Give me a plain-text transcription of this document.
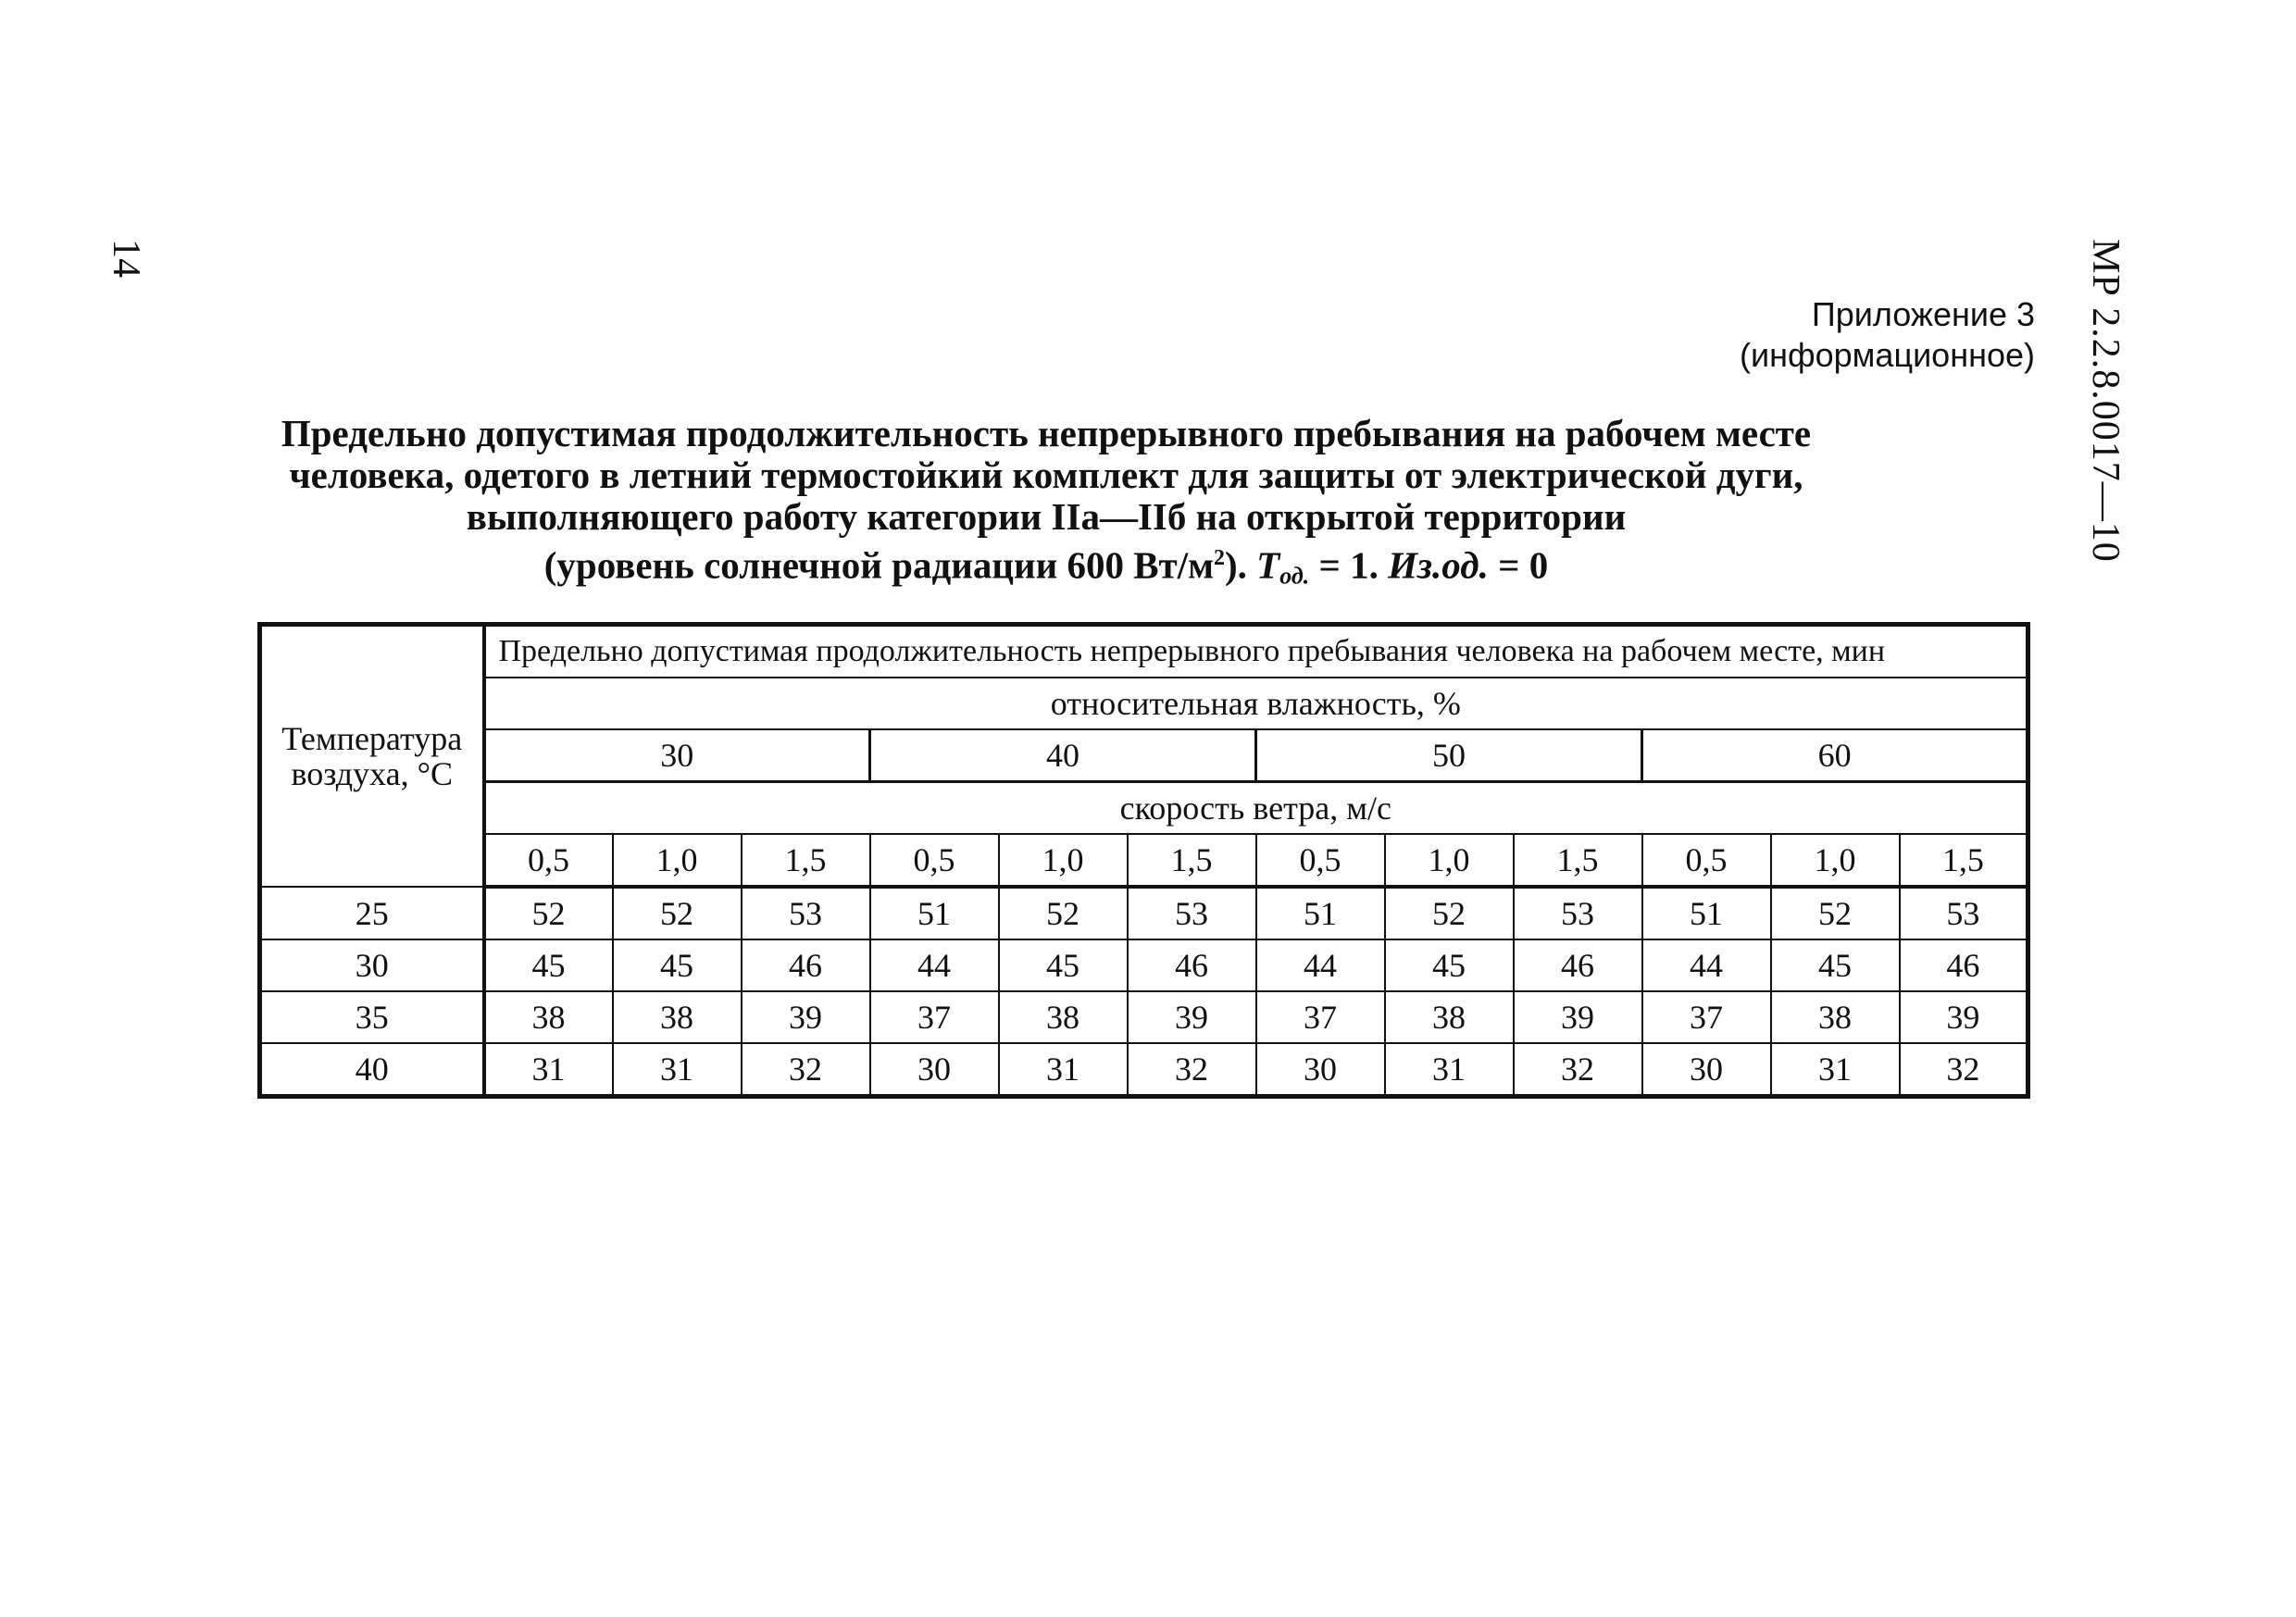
14	МР 2.2.8.0017—10
Приложение 3
(информационное)
Предельно допустимая продолжительность непрерывного пребывания на рабочем месте
человека, одетого в летний термостойкий комплект для защиты от электрической дуги,
выполняющего работу категории IIа—IIб на открытой территории
(уровень солнечной радиации 600 $Вт/м^2$). $T_{од.} = 1$. Из.од. = 0
Температура воздуха, °С	Предельно допустимая продолжительность непрерывного пребывания человека на рабочем месте, мин											
	относительная влажность, %											
	30			40			50			60		
	скорость ветра, м/с											
	0,5	1,0	1,5	0,5	1,0	1,5	0,5	1,0	1,5	0,5	1,0	1,5
25	52	52	53	51	52	53	51	52	53	51	52	53
30	45	45	46	44	45	46	44	45	46	44	45	46
35	38	38	39	37	38	39	37	38	39	37	38	39
40	31	31	32	30	31	32	30	31	32	30	31	32
